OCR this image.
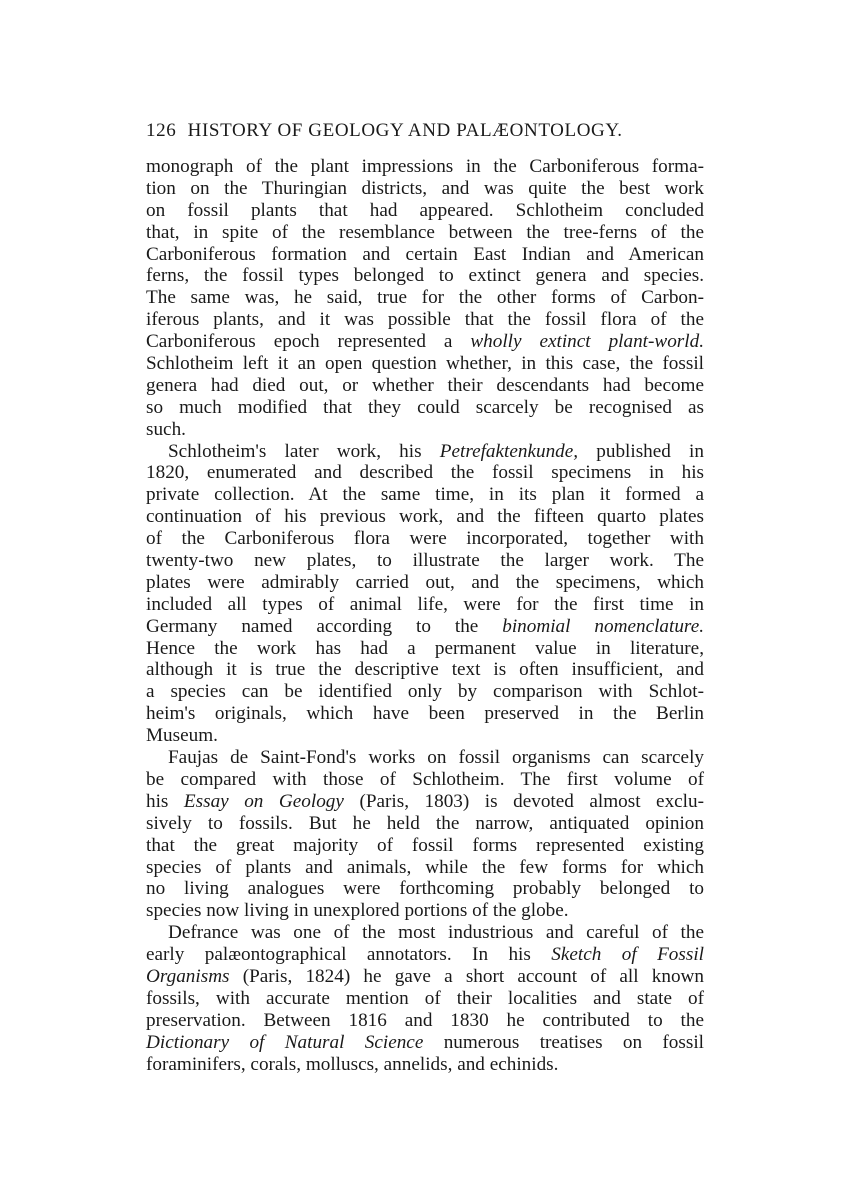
126 HISTORY OF GEOLOGY AND PALÆONTOLOGY.
monograph of the plant impressions in the Carboniferous forma-
tion on the Thuringian districts, and was quite the best work
on fossil plants that had appeared. Schlotheim concluded
that, in spite of the resemblance between the tree-ferns of the
Carboniferous formation and certain East Indian and American
ferns, the fossil types belonged to extinct genera and species.
The same was, he said, true for the other forms of Carbon-
iferous plants, and it was possible that the fossil flora of the
Carboniferous epoch represented a wholly extinct plant-world.
Schlotheim left it an open question whether, in this case, the fossil
genera had died out, or whether their descendants had become
so much modified that they could scarcely be recognised as
such.
Schlotheim's later work, his Petrefaktenkunde, published in
1820, enumerated and described the fossil specimens in his
private collection. At the same time, in its plan it formed a
continuation of his previous work, and the fifteen quarto plates
of the Carboniferous flora were incorporated, together with
twenty-two new plates, to illustrate the larger work. The
plates were admirably carried out, and the specimens, which
included all types of animal life, were for the first time in
Germany named according to the binomial nomenclature.
Hence the work has had a permanent value in literature,
although it is true the descriptive text is often insufficient, and
a species can be identified only by comparison with Schlot-
heim's originals, which have been preserved in the Berlin
Museum.
Faujas de Saint-Fond's works on fossil organisms can scarcely
be compared with those of Schlotheim. The first volume of
his Essay on Geology (Paris, 1803) is devoted almost exclu-
sively to fossils. But he held the narrow, antiquated opinion
that the great majority of fossil forms represented existing
species of plants and animals, while the few forms for which
no living analogues were forthcoming probably belonged to
species now living in unexplored portions of the globe.
Defrance was one of the most industrious and careful of the
early palæontographical annotators. In his Sketch of Fossil
Organisms (Paris, 1824) he gave a short account of all known
fossils, with accurate mention of their localities and state of
preservation. Between 1816 and 1830 he contributed to the
Dictionary of Natural Science numerous treatises on fossil
foraminifers, corals, molluscs, annelids, and echinids.
